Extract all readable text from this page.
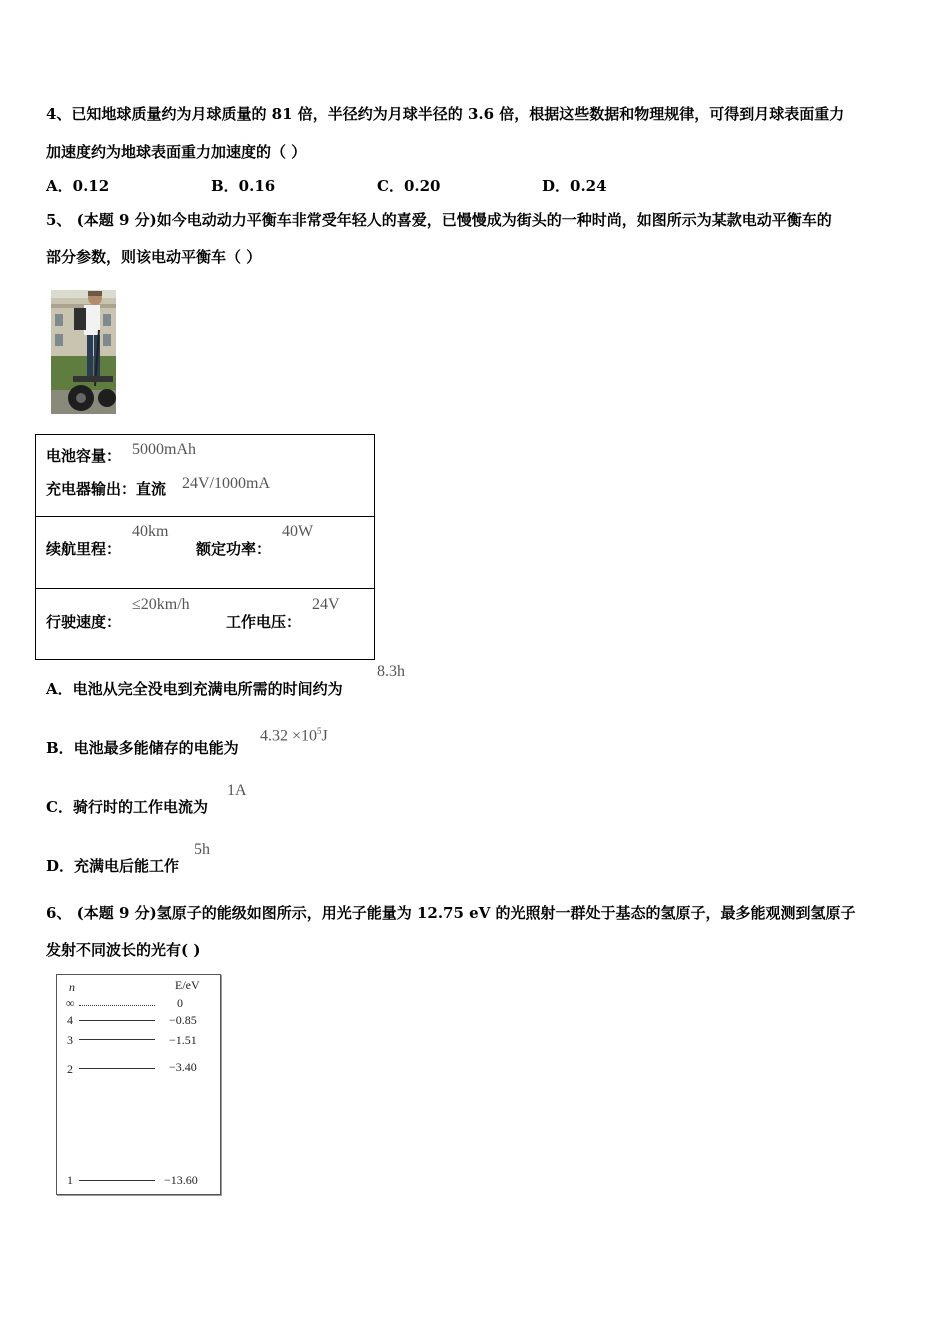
4、已知地球质量约为月球质量的 81 倍，半径约为月球半径的 3.6 倍，根据这些数据和物理规律，可得到月球表面重力
加速度约为地球表面重力加速度的（ ）
A．0.12	B．0.16	C．0.20	D．0.24
5、 (本题 9 分)如今电动动力平衡车非常受年轻人的喜爱，已慢慢成为街头的一种时尚，如图所示为某款电动平衡车的
部分参数，则该电动平衡车（ ）
电池容量： 5000mAh
充电器输出：直流 24V/1000mA
续航里程：
40km
额定功率：
40W
行驶速度：
≤20km/h
工作电压：
24V
A．电池从完全没电到充满电所需的时间约为
8.3h
B．电池最多能储存的电能为
$4.32 \times 10^5J$
C．骑行时的工作电流为
1A
D．充满电后能工作
5h
6、 (本题 9 分)氢原子的能级如图所示，用光子能量为 12.75 eV 的光照射一群处于基态的氢原子，最多能观测到氢原子
发射不同波长的光有( )
n	E/eV
∞	0
4	−0.85
3	−1.51
2	−3.40
1	−13.60
